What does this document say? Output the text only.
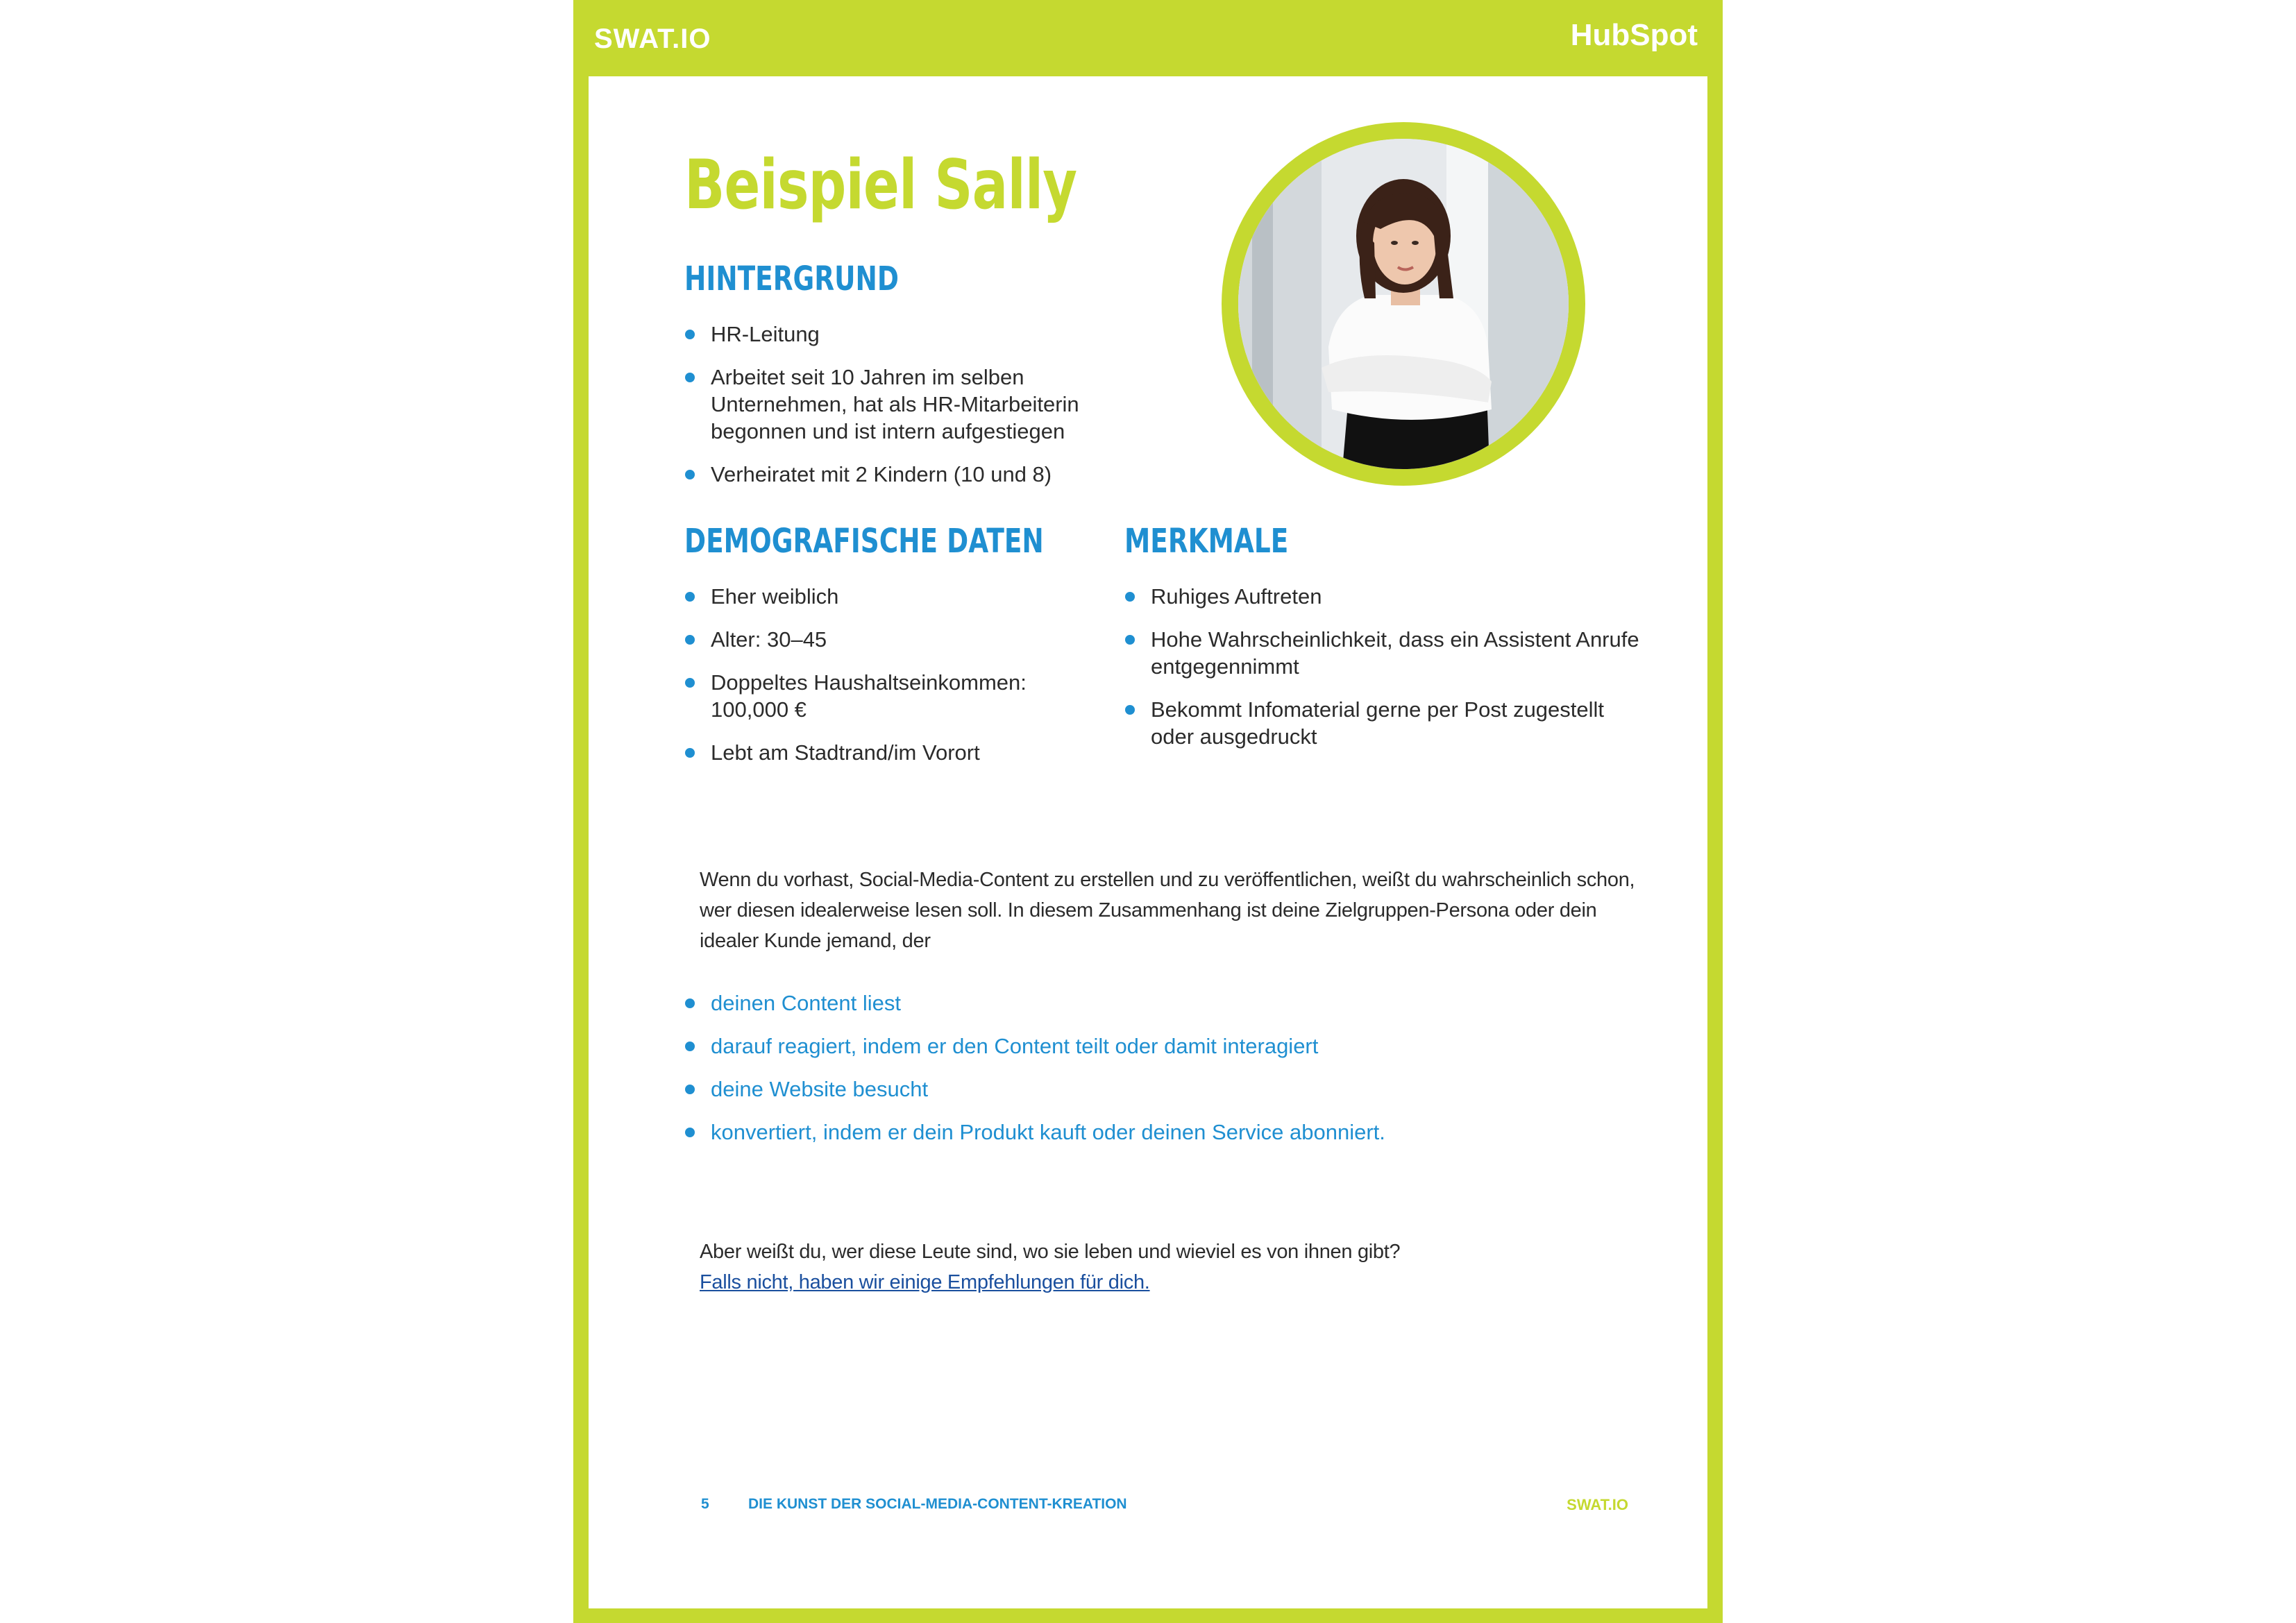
SWAT.IO	HubSpot
Beispiel Sally
HINTERGRUND
HR-Leitung
Arbeitet seit 10 Jahren im selben Unternehmen, hat als HR-Mitarbeiterin begonnen und ist intern aufgestiegen
Verheiratet mit 2 Kindern (10 und 8)
DEMOGRAFISCHE DATEN
Eher weiblich
Alter: 30–45
Doppeltes Haushaltseinkommen: 100,000 €
Lebt am Stadtrand/im Vorort
MERKMALE
Ruhiges Auftreten
Hohe Wahrscheinlichkeit, dass ein Assistent Anrufe entgegennimmt
Bekommt Infomaterial gerne per Post zugestellt oder ausgedruckt
Wenn du vorhast, Social-Media-Content zu erstellen und zu veröffentlichen, weißt du wahrscheinlich schon, wer diesen idealerweise lesen soll. In diesem Zusammenhang ist deine Zielgruppen-Persona oder dein idealer Kunde jemand, der
deinen Content liest
darauf reagiert, indem er den Content teilt oder damit interagiert
deine Website besucht
konvertiert, indem er dein Produkt kauft oder deinen Service abonniert.
Aber weißt du, wer diese Leute sind, wo sie leben und wieviel es von ihnen gibt?
Falls nicht, haben wir einige Empfehlungen für dich.
5	DIE KUNST DER SOCIAL-MEDIA-CONTENT-KREATION	SWAT.IO
